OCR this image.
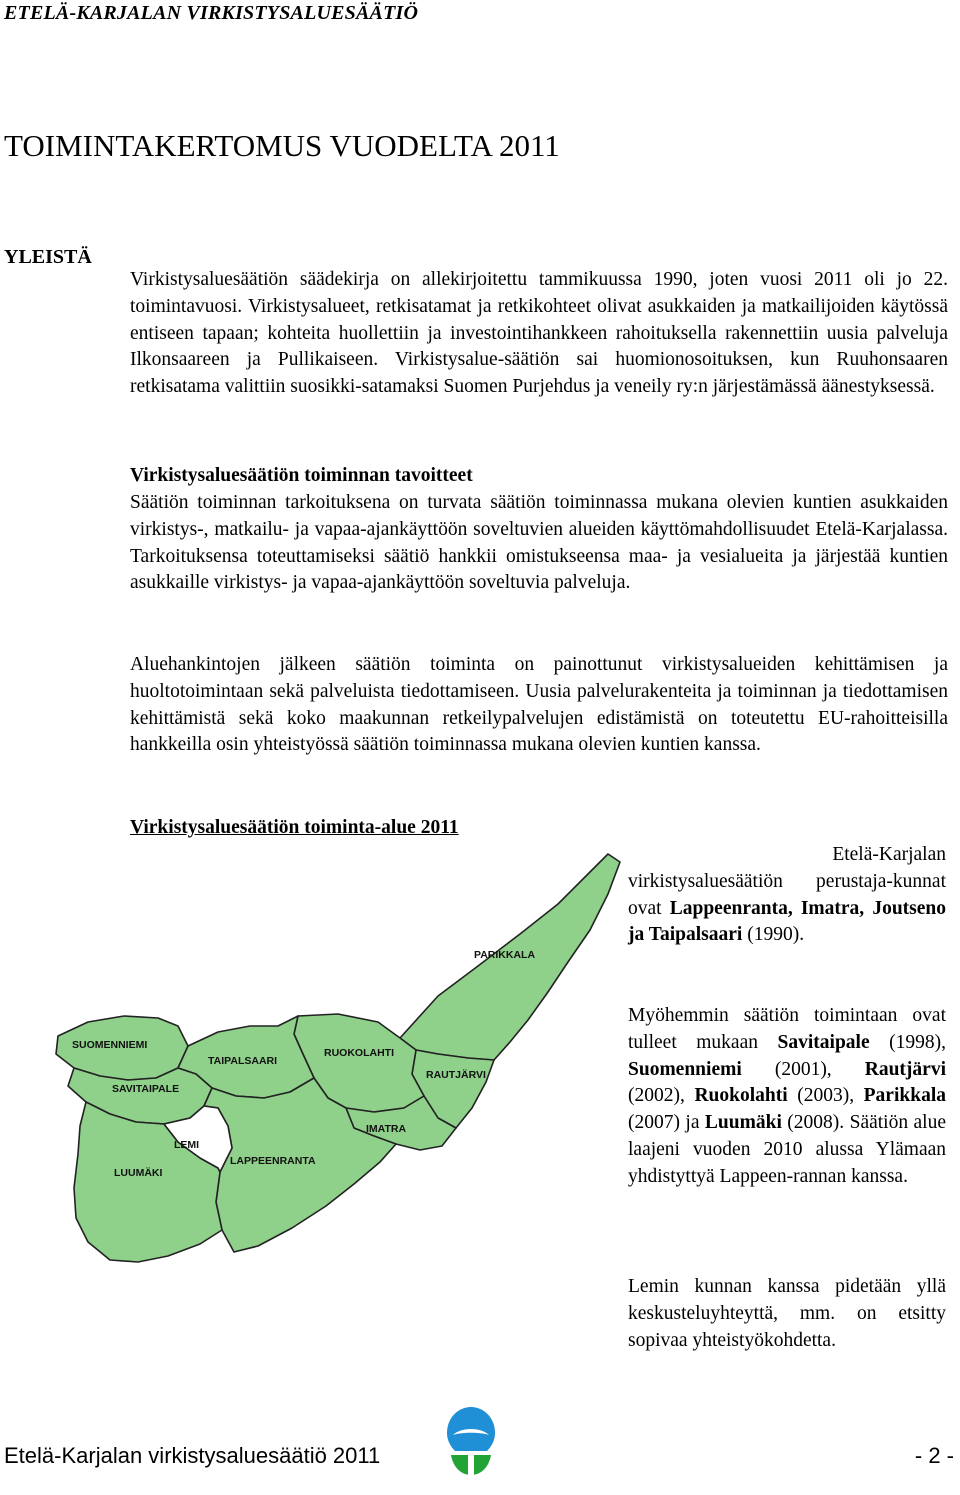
ETELÄ-KARJALAN VIRKISTYSALUESÄÄTIÖ
TOIMINTAKERTOMUS VUODELTA 2011
YLEISTÄ
Virkistysaluesäätiön säädekirja on allekirjoitettu tammikuussa 1990, joten vuosi 2011 oli jo 22. toimintavuosi. Virkistysalueet, retkisatamat ja retkikohteet olivat asukkaiden ja matkailijoiden käytössä entiseen tapaan; kohteita huollettiin ja investointihankkeen rahoituksella rakennettiin uusia palveluja Ilkonsaareen ja Pullikaiseen. Virkistysalue-säätiön sai huomionosoituksen, kun Ruuhonsaaren retkisatama valittiin suosikki-satamaksi Suomen Purjehdus ja veneily ry:n järjestämässä äänestyksessä.
Virkistysaluesäätiön toiminnan tavoitteet
Säätiön toiminnan tarkoituksena on turvata säätiön toiminnassa mukana olevien kuntien asukkaiden virkistys-, matkailu- ja vapaa-ajankäyttöön soveltuvien alueiden käyttömahdollisuudet Etelä-Karjalassa. Tarkoituksensa toteuttamiseksi säätiö hankkii omistukseensa maa- ja vesialueita ja järjestää kuntien asukkaille virkistys- ja vapaa-ajankäyttöön soveltuvia palveluja.
Aluehankintojen jälkeen säätiön toiminta on painottunut virkistysalueiden kehittämisen ja huoltotoimintaan sekä palveluista tiedottamiseen. Uusia palvelurakenteita ja toiminnan ja tiedottamisen kehittämistä sekä koko maakunnan retkeilypalvelujen edistämistä on toteutettu EU-rahoitteisilla hankkeilla osin yhteistyössä säätiön toiminnassa mukana olevien kuntien kanssa.
Virkistysaluesäätiön toiminta-alue 2011
PARIKKALA
SUOMENNIEMI
RUOKOLAHTI
RAUTJÄRVI
TAIPALSAARI
SAVITAIPALE
IMATRA
LEMI
LUUMÄKI
LAPPEENRANTA
Etelä-Karjalan
virkistysaluesäätiön perustaja-kunnat ovat Lappeenranta, Imatra, Joutseno ja Taipalsaari (1990).
Myöhemmin säätiön toimintaan ovat tulleet mukaan Savitaipale (1998), Suomenniemi (2001), Rautjärvi (2002), Ruokolahti (2003), Parikkala (2007) ja Luumäki (2008). Säätiön alue laajeni vuoden 2010 alussa Ylämaan yhdistyttyä Lappeen-rannan kanssa.
Lemin kunnan kanssa pidetään yllä keskusteluyhteyttä, mm. on etsitty sopivaa yhteistyökohdetta.
Etelä-Karjalan virkistysaluesäätiö 2011	- 2 -
